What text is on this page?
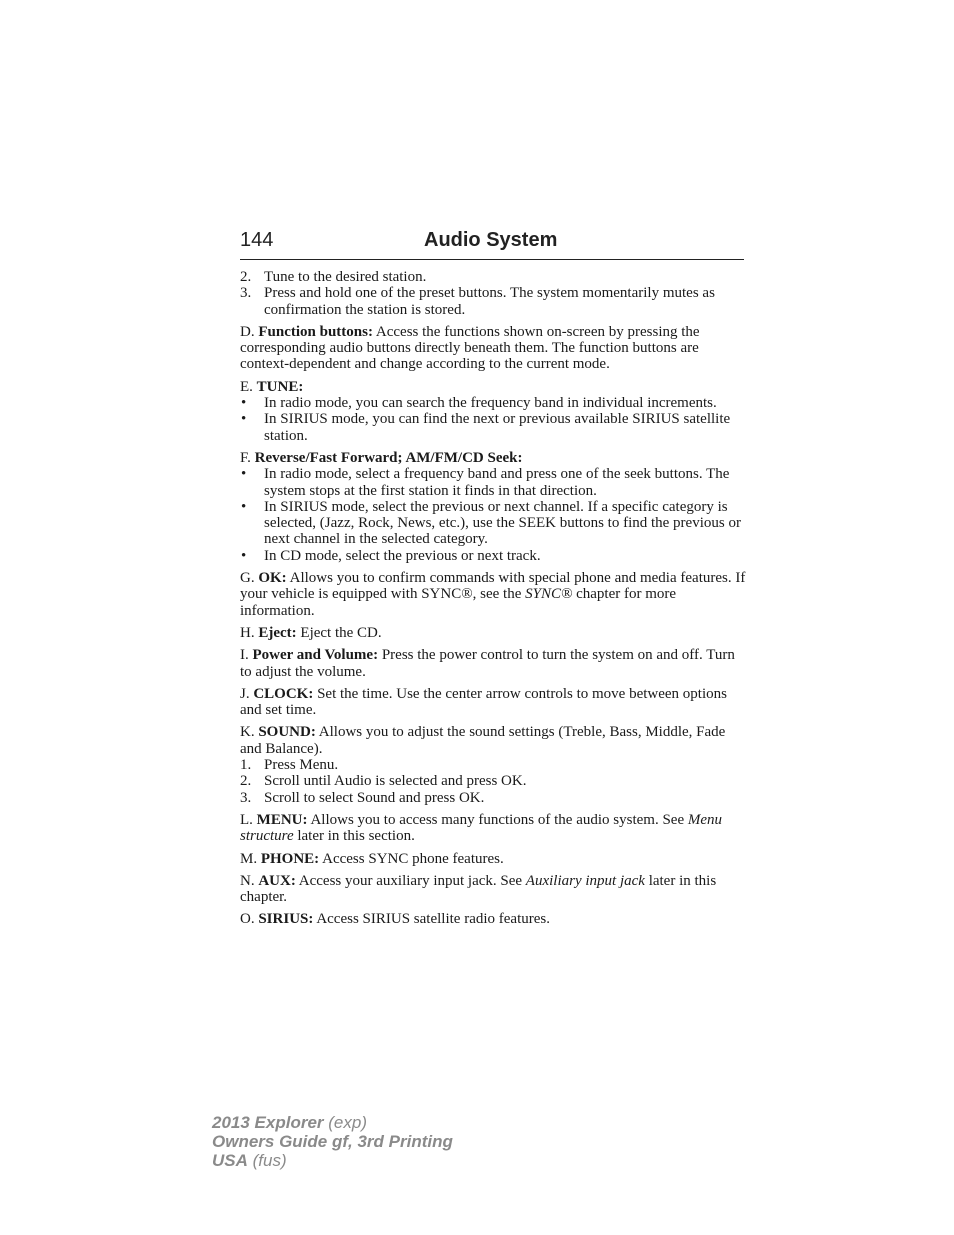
144	Audio System
2. Tune to the desired station.
3. Press and hold one of the preset buttons. The system momentarily mutes as confirmation the station is stored.

D. Function buttons: Access the functions shown on-screen by pressing the corresponding audio buttons directly beneath them. The function buttons are context-dependent and change according to the current mode.

E. TUNE:
• In radio mode, you can search the frequency band in individual increments.
• In SIRIUS mode, you can find the next or previous available SIRIUS satellite station.
F. Reverse/Fast Forward; AM/FM/CD Seek:
• In radio mode, select a frequency band and press one of the seek buttons. The system stops at the first station it finds in that direction.
• In SIRIUS mode, select the previous or next channel. If a specific category is selected, (Jazz, Rock, News, etc.), use the SEEK buttons to find the previous or next channel in the selected category.
• In CD mode, select the previous or next track.

G. OK: Allows you to confirm commands with special phone and media features. If your vehicle is equipped with SYNC®, see the SYNC® chapter for more information.

H. Eject: Eject the CD.

I. Power and Volume: Press the power control to turn the system on and off. Turn to adjust the volume.

J. CLOCK: Set the time. Use the center arrow controls to move between options and set time.

K. SOUND: Allows you to adjust the sound settings (Treble, Bass, Middle, Fade and Balance).
1. Press Menu.
2. Scroll until Audio is selected and press OK.
3. Scroll to select Sound and press OK.

L. MENU: Allows you to access many functions of the audio system. See Menu structure later in this section.

M. PHONE: Access SYNC phone features.

N. AUX: Access your auxiliary input jack. See Auxiliary input jack later in this chapter.

O. SIRIUS: Access SIRIUS satellite radio features.

2013 Explorer (exp)
Owners Guide gf, 3rd Printing
USA (fus)
